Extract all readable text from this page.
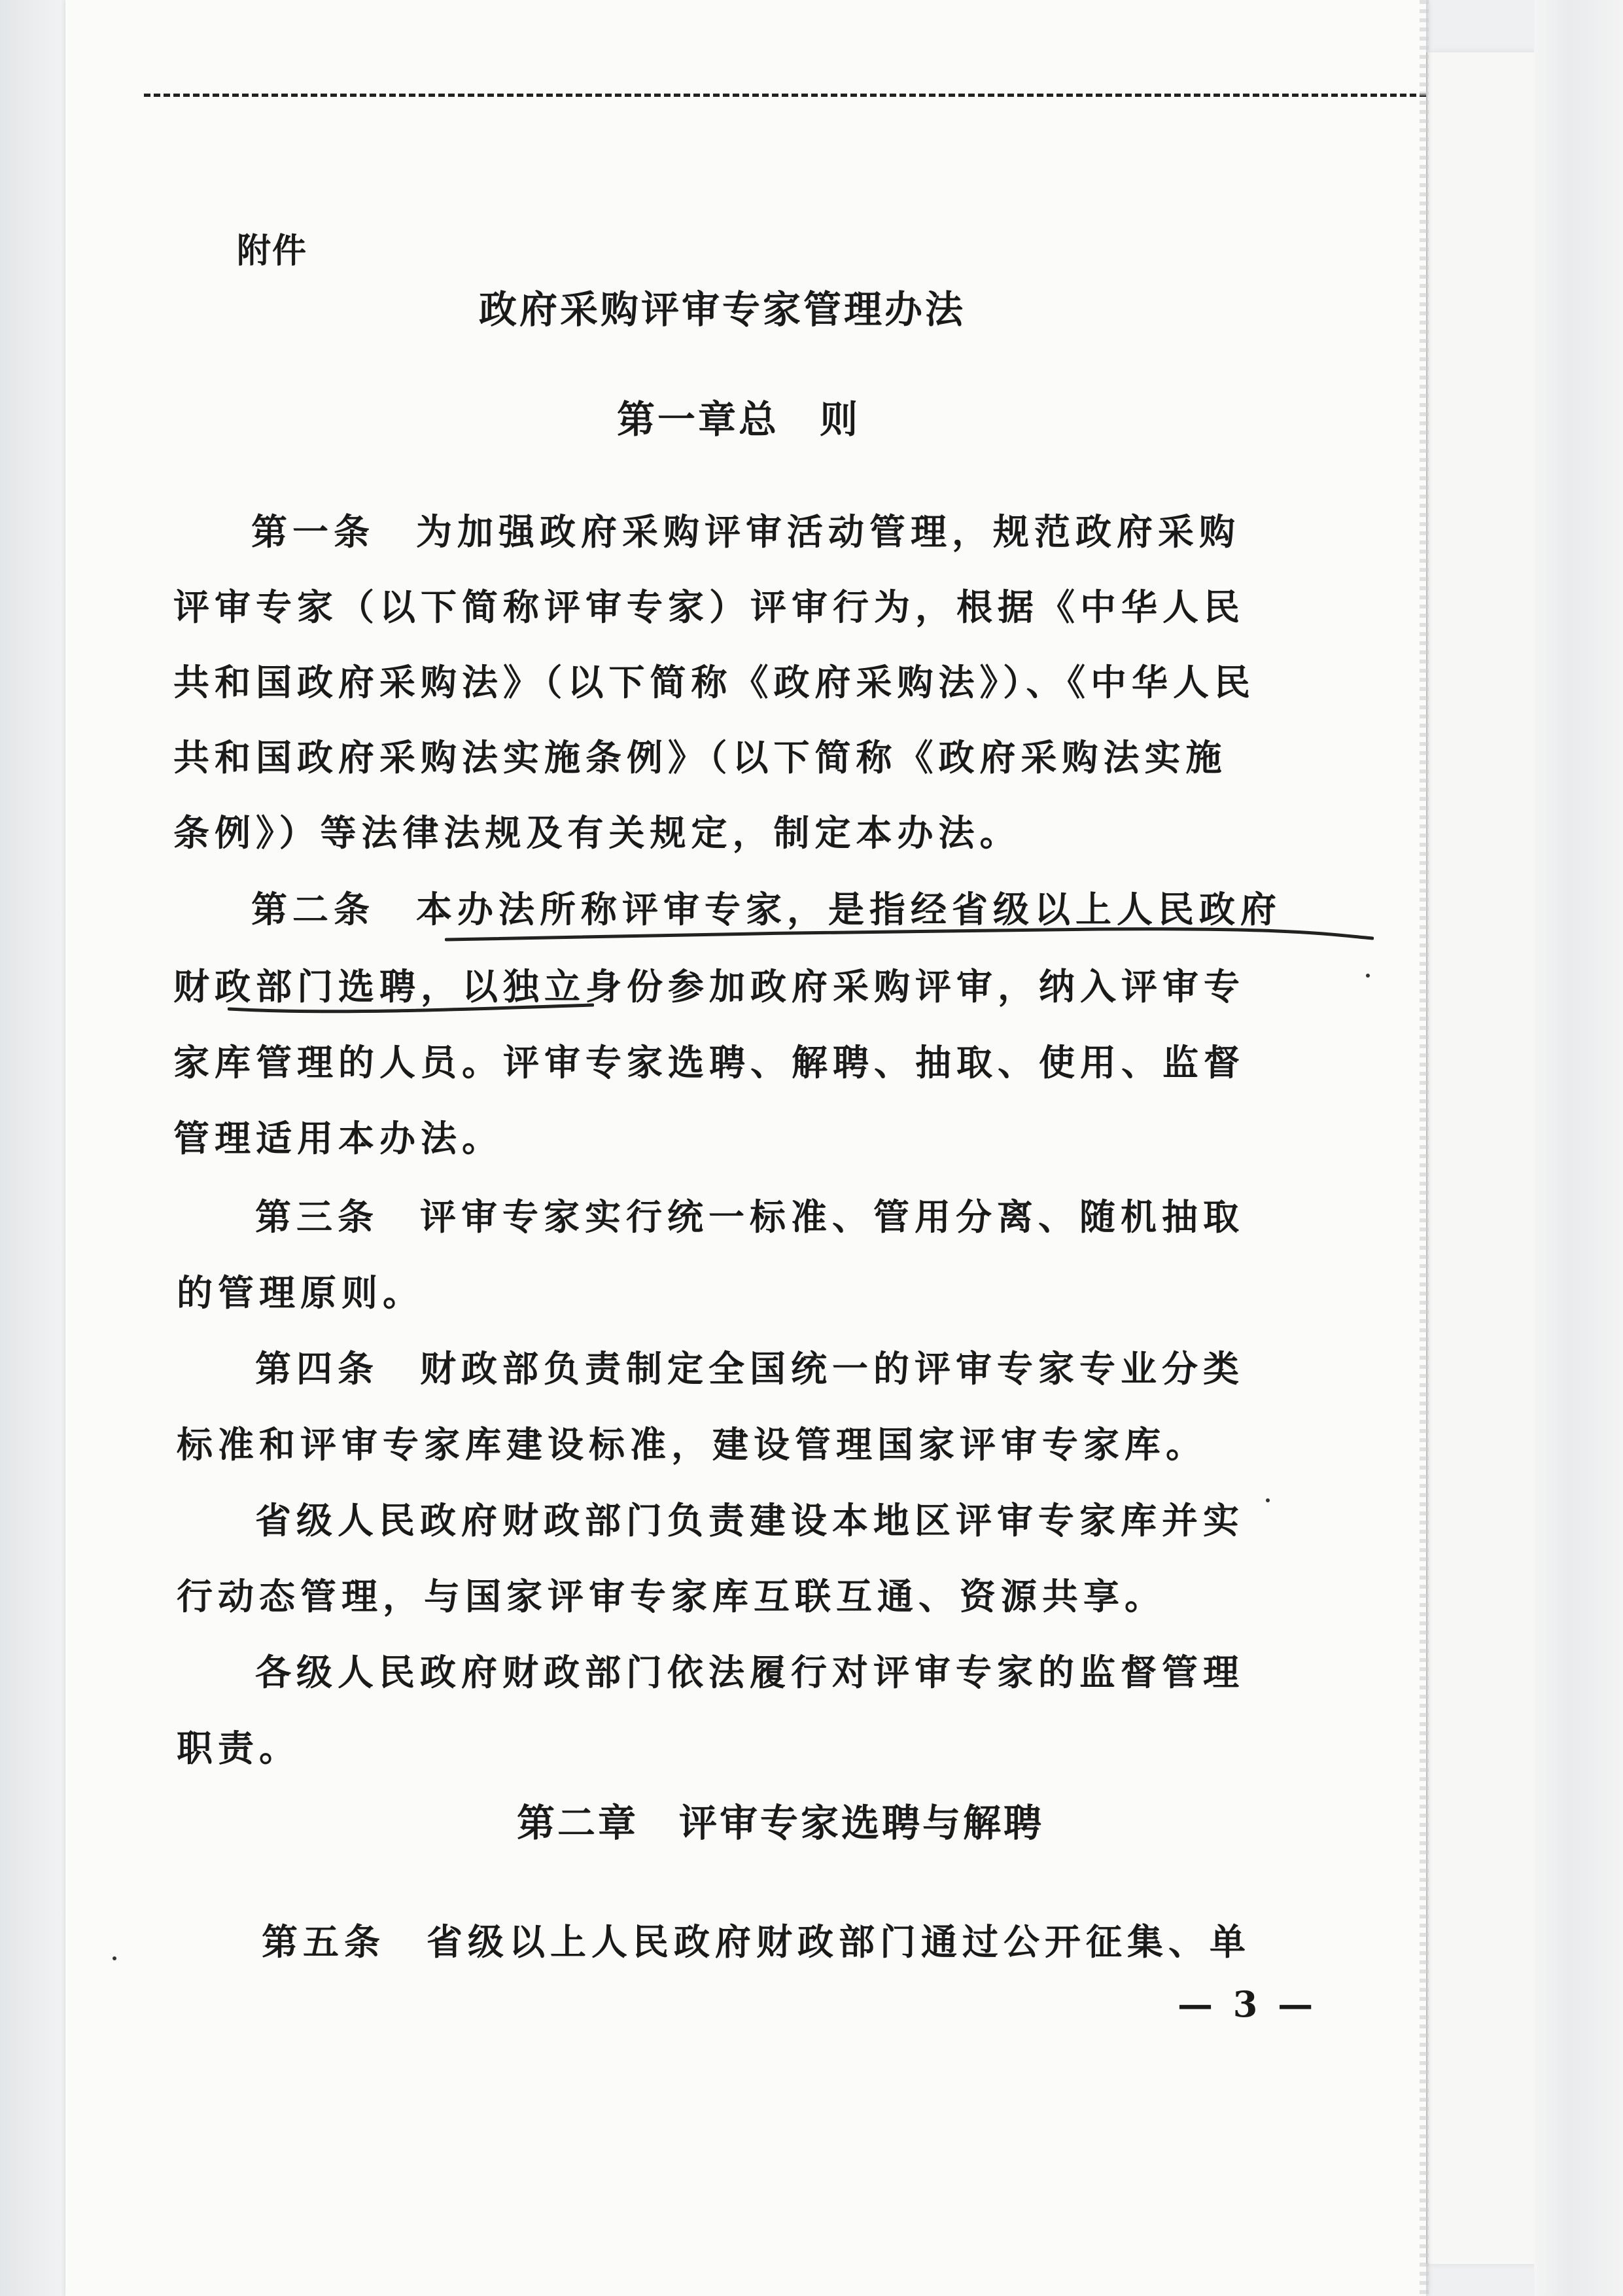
附件
政府采购评审专家管理办法
第一章总　则
第一条　为加强政府采购评审活动管理，规范政府采购
评审专家（以下简称评审专家）评审行为，根据《中华人民
共和国政府采购法》（以下简称《政府采购法》）、《中华人民
共和国政府采购法实施条例》（以下简称《政府采购法实施
条例》）等法律法规及有关规定，制定本办法。
第二条　本办法所称评审专家，是指经省级以上人民政府
财政部门选聘，以独立身份参加政府采购评审，纳入评审专
家库管理的人员。评审专家选聘、解聘、抽取、使用、监督
管理适用本办法。
第三条　评审专家实行统一标准、管用分离、随机抽取
的管理原则。
第四条　财政部负责制定全国统一的评审专家专业分类
标准和评审专家库建设标准，建设管理国家评审专家库。
省级人民政府财政部门负责建设本地区评审专家库并实
行动态管理，与国家评审专家库互联互通、资源共享。
各级人民政府财政部门依法履行对评审专家的监督管理
职责。
第二章　评审专家选聘与解聘
第五条　省级以上人民政府财政部门通过公开征集、单
— 3 —
